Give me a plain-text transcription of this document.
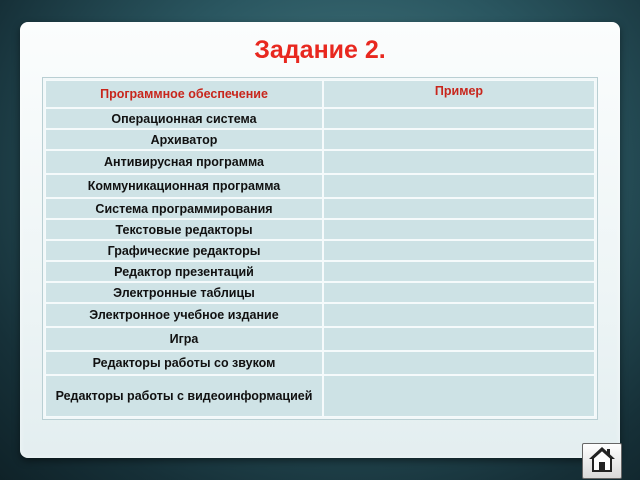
Задание 2.
Программное обеспечение	Пример
Операционная система	
Архиватор	
Антивирусная программа	
Коммуникационная программа	
Система программирования	
Текстовые редакторы	
Графические редакторы	
Редактор презентаций	
Электронные таблицы	
Электронное учебное издание	
Игра	
Редакторы работы со звуком	
Редакторы работы с видеоинформацией	
